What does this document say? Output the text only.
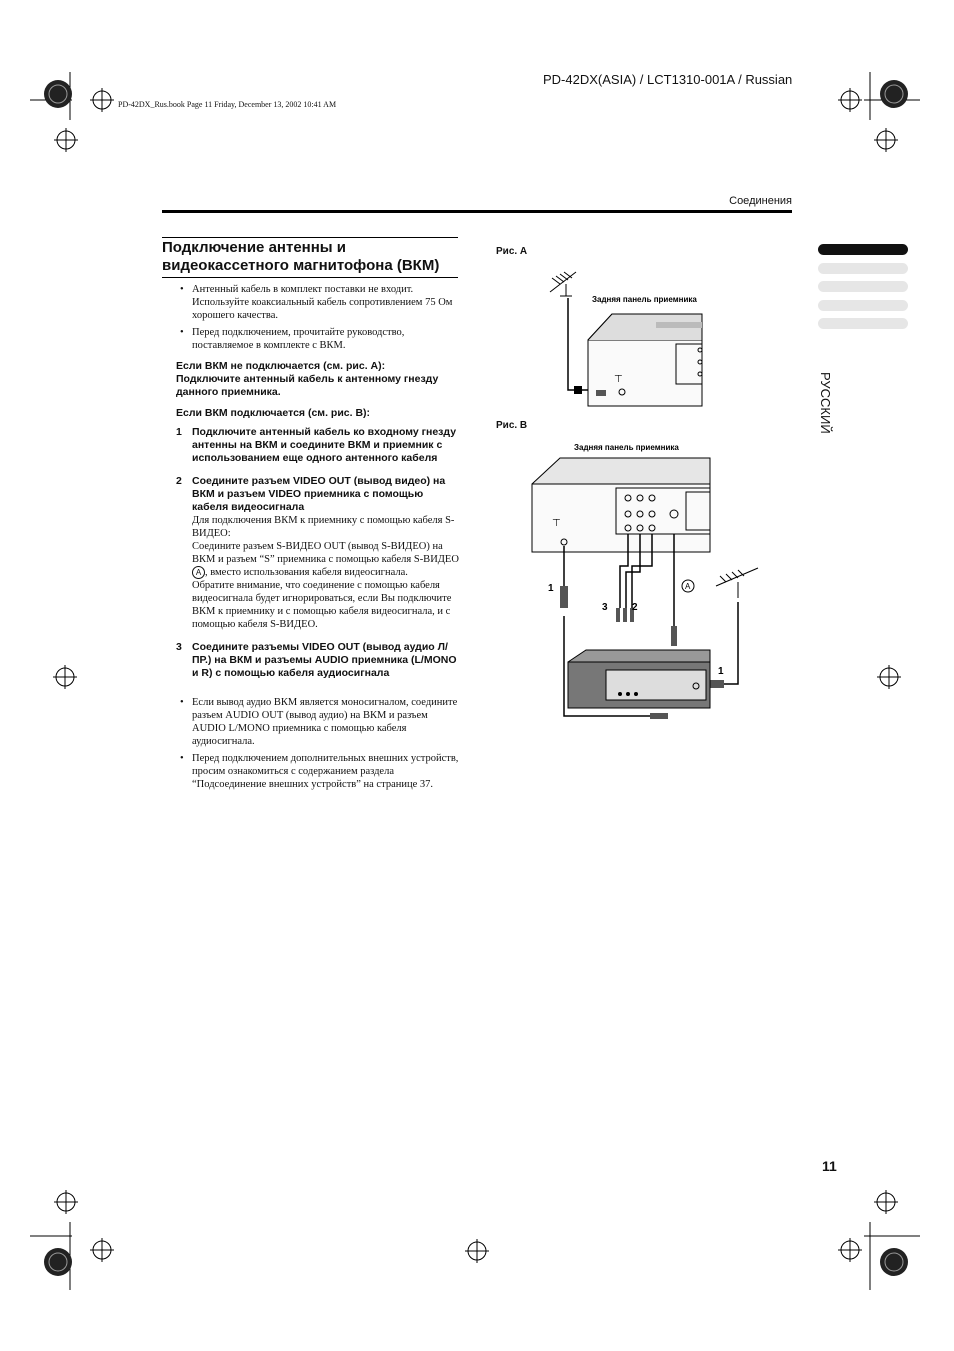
PD-42DX(ASIA) / LCT1310-001A / Russian
PD-42DX_Rus.book Page 11 Friday, December 13, 2002 10:41 AM
Соединения
Подключение антенны и
видеокассетного магнитофона (ВКМ)
• Антенный кабель в комплект поставки не входит. Используйте коаксиальный кабель сопротивлением 75 Ом хорошего качества.
• Перед подключением, прочитайте руководство, поставляемое в комплекте с ВКМ.
Если ВКМ не подключается (см. рис. A):
Подключите антенный кабель к антенному гнезду данного приемника.
Если ВКМ подключается (см. рис. B):
1 Подключите антенный кабель ко входному гнезду антенны на ВКМ и соедините ВКМ и приемник с использованием еще одного антенного кабеля
2 Соедините разъем VIDEO OUT (вывод видео) на ВКМ и разъем VIDEO приемника с помощью кабеля видеосигнала
Для подключения ВКМ к приемнику с помощью кабеля S-ВИДЕО:
Соедините разъем S-ВИДЕО OUT (вывод S-ВИДЕО) на ВКМ и разъем “S” приемника с помощью кабеля S-ВИДЕО A , вместо использования кабеля видеосигнала.
Обратите внимание, что соединение с помощью кабеля видеосигнала будет игнорироваться, если Вы подключите ВКМ к приемнику и с помощью кабеля видеосигнала, и с помощью кабеля S-ВИДЕО.
3 Соедините разъемы VIDEO OUT (вывод аудио Л/ПР.) на ВКМ и разъемы AUDIO приемника (L/MONO и R) с помощью кабеля аудиосигнала
• Если вывод аудио ВКМ является моносигналом, соедините разъем AUDIO OUT (вывод аудио) на ВКМ и разъем AUDIO L/MONO приемника с помощью кабеля аудиосигнала.
• Перед подключением дополнительных внешних устройств, просим ознакомиться с содержанием раздела “Подсоединение внешних устройств” на странице 37.
Рис. A
Рис. B
Задняя панель приемника
⊤
Задняя панель приемника
⊤
1
3 2
A
1
РУССКИЙ
11
